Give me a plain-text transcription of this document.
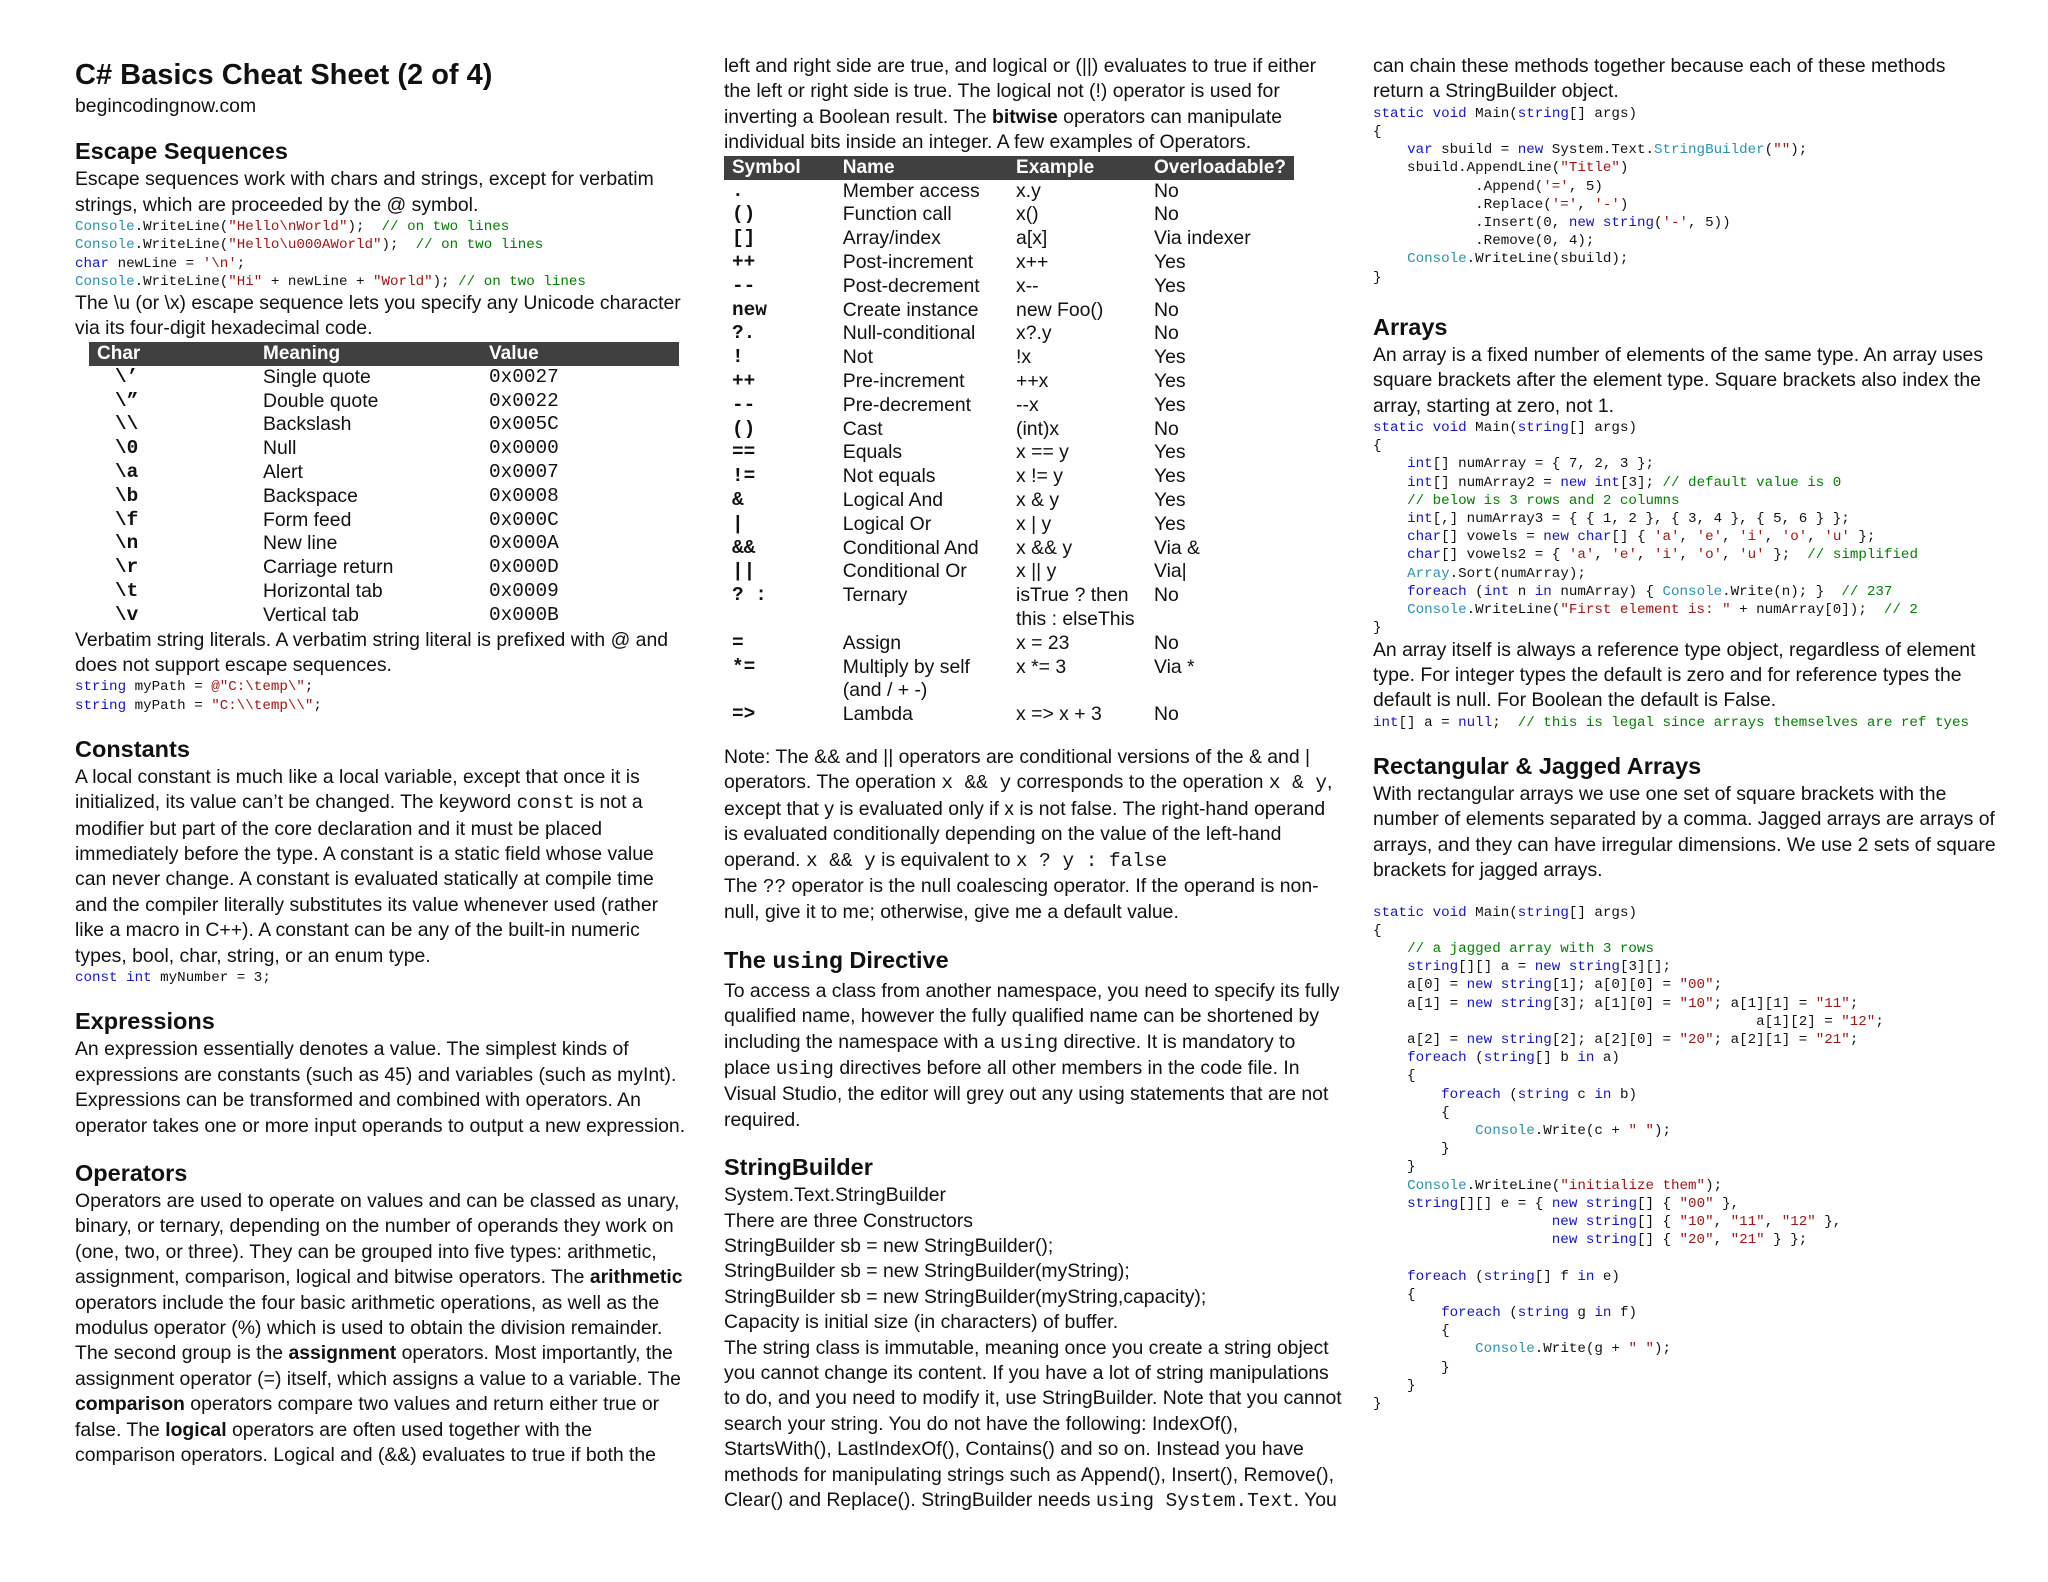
C# Basics Cheat Sheet (2 of 4)

begincodingnow.com

Escape Sequences

Escape sequences work with chars and strings, except for verbatim strings, which are proceeded by the @ symbol.

Console.WriteLine("Hello\nWorld");  // on two lines
Console.WriteLine("Hello\u000AWorld");  // on two lines
char newLine = '\n';
Console.WriteLine("Hi" + newLine + "World"); // on two lines

The \u (or \x) escape sequence lets you specify any Unicode character via its four-digit hexadecimal code.

Char	Meaning	Value
\’	Single quote	0x0027
\”	Double quote	0x0022
\\	Backslash	0x005C
\0	Null	0x0000
\a	Alert	0x0007
\b	Backspace	0x0008
\f	Form feed	0x000C
\n	New line	0x000A
\r	Carriage return	0x000D
\t	Horizontal tab	0x0009
\v	Vertical tab	0x000B

Verbatim string literals. A verbatim string literal is prefixed with @ and does not support escape sequences.

string myPath = @"C:\temp\";
string myPath = "C:\\temp\\";
Constants

A local constant is much like a local variable, except that once it is initialized, its value can’t be changed. The keyword const is not a modifier but part of the core declaration and it must be placed immediately before the type. A constant is a static field whose value can never change. A constant is evaluated statically at compile time and the compiler literally substitutes its value whenever used (rather like a macro in C++). A constant can be any of the built-in numeric types, bool, char, string, or an enum type.

const int myNumber = 3;
Expressions

An expression essentially denotes a value. The simplest kinds of expressions are constants (such as 45) and variables (such as myInt). Expressions can be transformed and combined with operators. An operator takes one or more input operands to output a new expression.

Operators

Operators are used to operate on values and can be classed as unary, binary, or ternary, depending on the number of operands they work on (one, two, or three). They can be grouped into five types: arithmetic, assignment, comparison, logical and bitwise operators. The arithmetic operators include the four basic arithmetic operations, as well as the modulus operator (%) which is used to obtain the division remainder. The second group is the assignment operators. Most importantly, the assignment operator (=) itself, which assigns a value to a variable. The comparison operators compare two values and return either true or false. The logical operators are often used together with the comparison operators. Logical and (&&) evaluates to true if both the

left and right side are true, and logical or (||) evaluates to true if either the left or right side is true. The logical not (!) operator is used for inverting a Boolean result. The bitwise operators can manipulate individual bits inside an integer. A few examples of Operators.

Symbol	Name	Example	Overloadable?
.	Member access	x.y	No
()	Function call	x()	No
[]	Array/index	a[x]	Via indexer
++	Post-increment	x++	Yes
--	Post-decrement	x--	Yes
new	Create instance	new Foo()	No
?.	Null-conditional	x?.y	No
!	Not	!x	Yes
++	Pre-increment	++x	Yes
--	Pre-decrement	--x	Yes
()	Cast	(int)x	No
==	Equals	x == y	Yes
!=	Not equals	x != y	Yes
&	Logical And	x & y	Yes
|	Logical Or	x | y	Yes
&&	Conditional And	x && y	Via &
||	Conditional Or	x || y	Via|
? :	Ternary	isTrue ? then this : elseThis	No
=	Assign	x = 23	No
*=	Multiply by self (and / + -)	x *= 3	Via *
=>	Lambda	x => x + 3	No

Note: The && and || operators are conditional versions of the & and | operators. The operation x && y corresponds to the operation x & y, except that y is evaluated only if x is not false. The right-hand operand is evaluated conditionally depending on the value of the left-hand operand. x && y is equivalent to x ? y : false

The ?? operator is the null coalescing operator. If the operand is non-null, give it to me; otherwise, give me a default value.

The using Directive

To access a class from another namespace, you need to specify its fully qualified name, however the fully qualified name can be shortened by including the namespace with a using directive. It is mandatory to place using directives before all other members in the code file. In Visual Studio, the editor will grey out any using statements that are not required.

StringBuilder

System.Text.StringBuilder

There are three Constructors

StringBuilder sb = new StringBuilder();

StringBuilder sb = new StringBuilder(myString);

StringBuilder sb = new StringBuilder(myString,capacity);

Capacity is initial size (in characters) of buffer.

The string class is immutable, meaning once you create a string object you cannot change its content. If you have a lot of string manipulations to do, and you need to modify it, use StringBuilder. Note that you cannot search your string. You do not have the following: IndexOf(), StartsWith(), LastIndexOf(), Contains() and so on. Instead you have methods for manipulating strings such as Append(), Insert(), Remove(), Clear() and Replace(). StringBuilder needs using System.Text. You

can chain these methods together because each of these methods return a StringBuilder object.

static void Main(string[] args)
{
var sbuild = new System.Text.StringBuilder("");
sbuild.AppendLine("Title")
.Append('=', 5)
.Replace('=', '-')
.Insert(0, new string('-', 5))
.Remove(0, 4);
Console.WriteLine(sbuild);
}
Arrays

An array is a fixed number of elements of the same type. An array uses square brackets after the element type. Square brackets also index the array, starting at zero, not 1.

static void Main(string[] args)
{
int[] numArray = { 7, 2, 3 };
int[] numArray2 = new int[3]; // default value is 0
// below is 3 rows and 2 columns
int[,] numArray3 = { { 1, 2 }, { 3, 4 }, { 5, 6 } };
char[] vowels = new char[] { 'a', 'e', 'i', 'o', 'u' };
char[] vowels2 = { 'a', 'e', 'i', 'o', 'u' };  // simplified
Array.Sort(numArray);
foreach (int n in numArray) { Console.Write(n); }  // 237
Console.WriteLine("First element is: " + numArray[0]);  // 2
}

An array itself is always a reference type object, regardless of element type. For integer types the default is zero and for reference types the default is null. For Boolean the default is False.

int[] a = null;  // this is legal since arrays themselves are ref tyes
Rectangular & Jagged Arrays

With rectangular arrays we use one set of square brackets with the number of elements separated by a comma. Jagged arrays are arrays of arrays, and they can have irregular dimensions. We use 2 sets of square brackets for jagged arrays.

static void Main(string[] args)
{
// a jagged array with 3 rows
string[][] a = new string[3][];
a[0] = new string[1]; a[0][0] = "00";
a[1] = new string[3]; a[1][0] = "10"; a[1][1] = "11";
a[1][2] = "12";
a[2] = new string[2]; a[2][0] = "20"; a[2][1] = "21";
foreach (string[] b in a)
{
foreach (string c in b)
{
Console.Write(c + " ");
}
}
Console.WriteLine("initialize them");
string[][] e = { new string[] { "00" },
new string[] { "10", "11", "12" },
new string[] { "20", "21" } };

foreach (string[] f in e)
{
foreach (string g in f)
{
Console.Write(g + " ");
}
}
}
